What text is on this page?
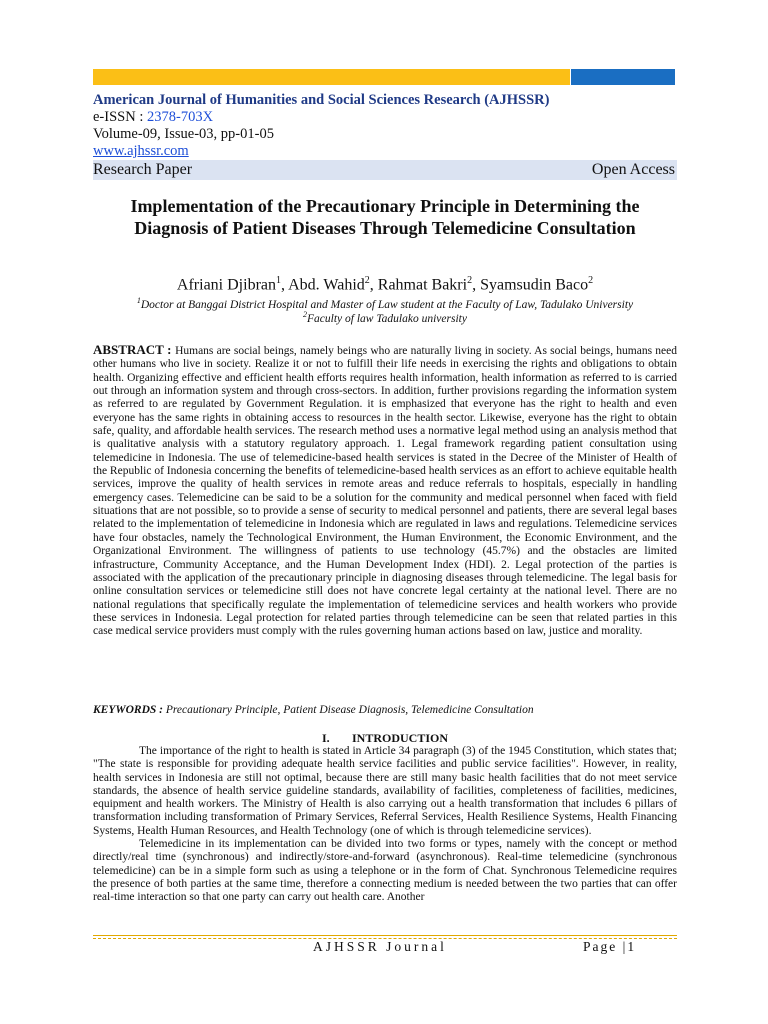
American Journal of Humanities and Social Sciences Research (AJHSSR)
e-ISSN : 2378-703X
Volume-09, Issue-03, pp-01-05
www.ajhssr.com
Research Paper	Open Access
Implementation of the Precautionary Principle in Determining the Diagnosis of Patient Diseases Through Telemedicine Consultation
Afriani Djibran$^1$, Abd. Wahid$^2$, Rahmat Bakri$^2$, Syamsudin Baco$^2$
$^1$Doctor at Banggai District Hospital and Master of Law student at the Faculty of Law, Tadulako University
$^2$Faculty of law Tadulako university
ABSTRACT : Humans are social beings, namely beings who are naturally living in society. As social beings, humans need other humans who live in society. Realize it or not to fulfill their life needs in exercising the rights and obligations to obtain health. Organizing effective and efficient health efforts requires health information, health information as referred to is carried out through an information system and through cross-sectors. In addition, further provisions regarding the information system as referred to are regulated by Government Regulation. it is emphasized that everyone has the right to health and even everyone has the same rights in obtaining access to resources in the health sector. Likewise, everyone has the right to obtain safe, quality, and affordable health services. The research method uses a normative legal method using an analysis method that is qualitative analysis with a statutory regulatory approach. 1. Legal framework regarding patient consultation using telemedicine in Indonesia. The use of telemedicine-based health services is stated in the Decree of the Minister of Health of the Republic of Indonesia concerning the benefits of telemedicine-based health services as an effort to achieve equitable health services, improve the quality of health services in remote areas and reduce referrals to hospitals, especially in handling emergency cases. Telemedicine can be said to be a solution for the community and medical personnel when faced with field situations that are not possible, so to provide a sense of security to medical personnel and patients, there are several legal bases related to the implementation of telemedicine in Indonesia which are regulated in laws and regulations. Telemedicine services have four obstacles, namely the Technological Environment, the Human Environment, the Economic Environment, and the Organizational Environment. The willingness of patients to use technology (45.7%) and the obstacles are limited infrastructure, Community Acceptance, and the Human Development Index (HDI). 2. Legal protection of the parties is associated with the application of the precautionary principle in diagnosing diseases through telemedicine. The legal basis for online consultation services or telemedicine still does not have concrete legal certainty at the national level. There are no national regulations that specifically regulate the implementation of telemedicine services and health workers who provide these services in Indonesia. Legal protection for related parties through telemedicine can be seen that related parties in this case medical service providers must comply with the rules governing human actions based on law, justice and morality.
KEYWORDS : Precautionary Principle, Patient Disease Diagnosis, Telemedicine Consultation
I. INTRODUCTION

The importance of the right to health is stated in Article 34 paragraph (3) of the 1945 Constitution, which states that; "The state is responsible for providing adequate health service facilities and public service facilities". However, in reality, health services in Indonesia are still not optimal, because there are still many basic health facilities that do not meet service standards, the absence of health service guideline standards, availability of facilities, completeness of facilities, medicines, equipment and health workers. The Ministry of Health is also carrying out a health transformation that includes 6 pillars of transformation including transformation of Primary Services, Referral Services, Health Resilience Systems, Health Financing Systems, Health Human Resources, and Health Technology (one of which is through telemedicine services).

Telemedicine in its implementation can be divided into two forms or types, namely with the concept or method directly/real time (synchronous) and indirectly/store-and-forward (asynchronous). Real-time telemedicine (synchronous telemedicine) can be in a simple form such as using a telephone or in the form of Chat. Synchronous Telemedicine requires the presence of both parties at the same time, therefore a connecting medium is needed between the two parties that can offer real-time interaction so that one party can carry out health care. Another

AJHSSR Journal	Page |1
